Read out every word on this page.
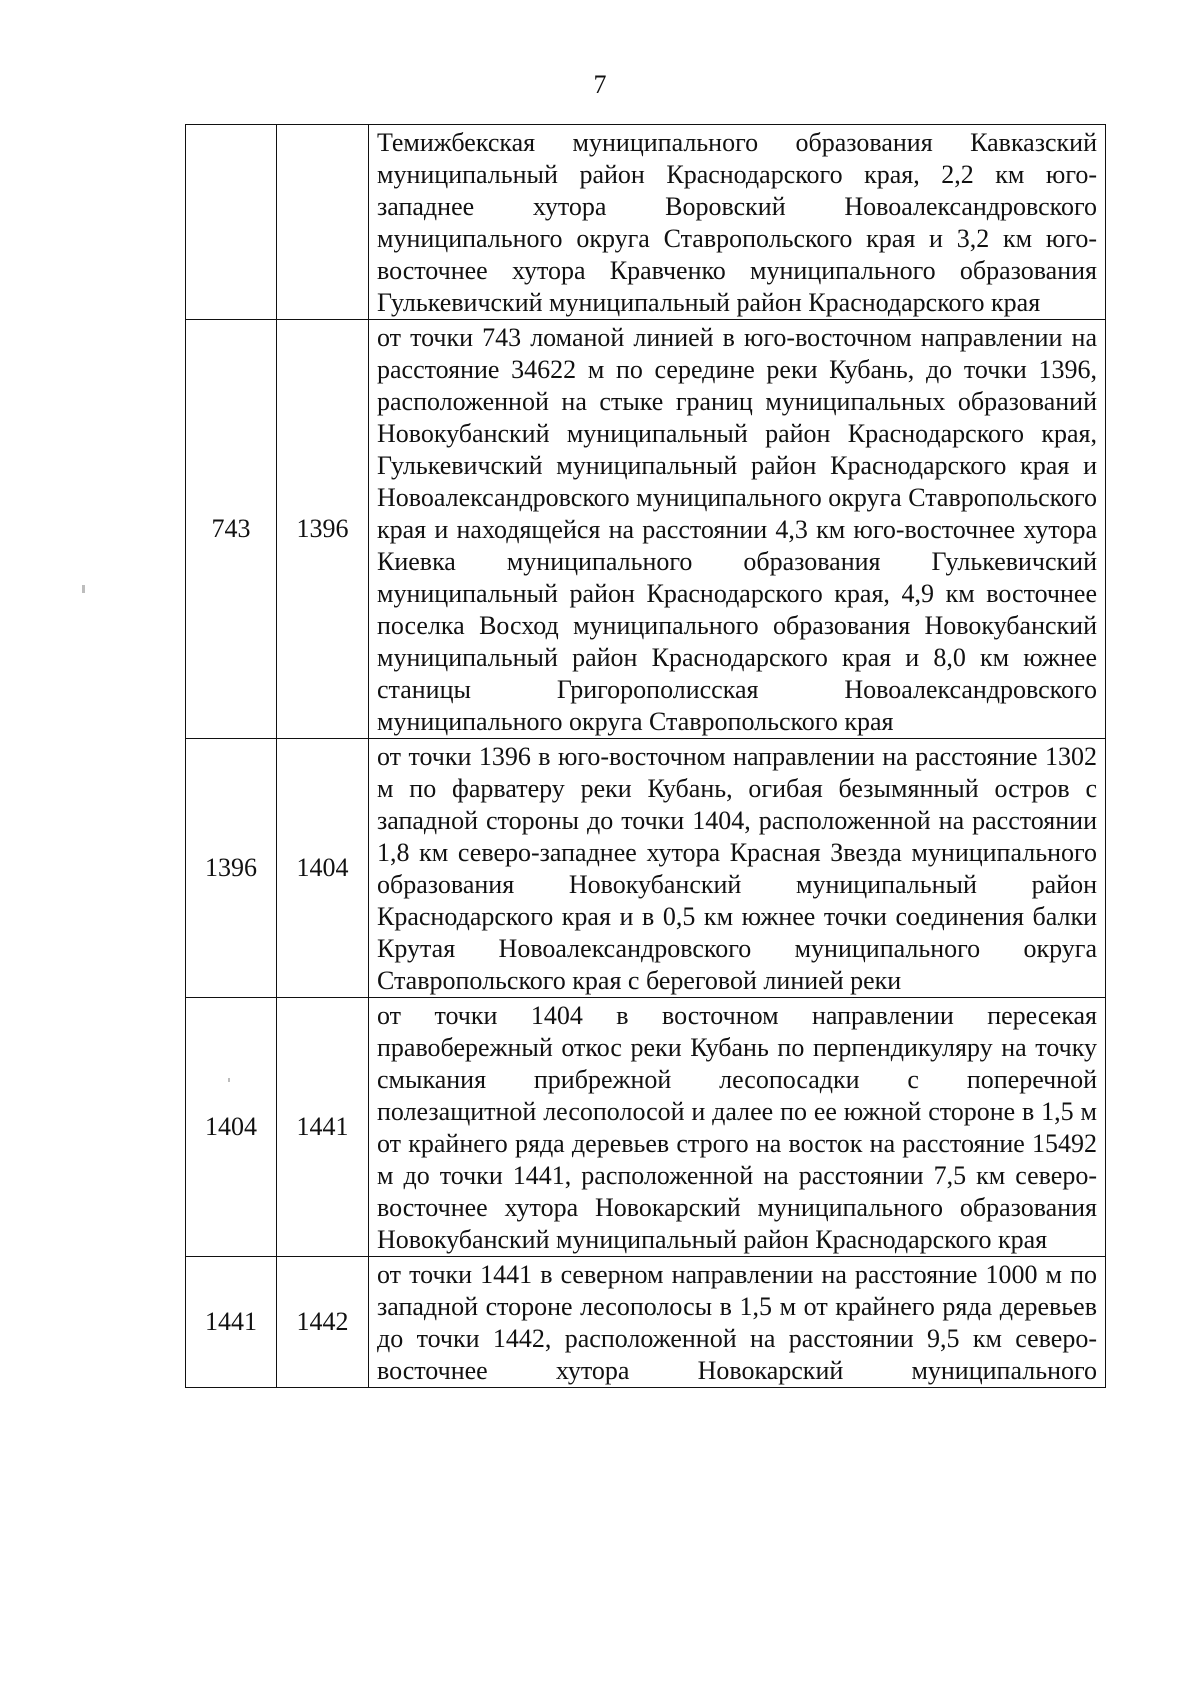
7
		Темижбекская муниципального образования Кавказский муниципальный район Краснодарского края, 2,2 км юго-западнее хутора Воровский Новоалександровского муниципального округа Ставропольского края и 3,2 км юго-восточнее хутора Кравченко муниципального образования Гулькевичский муниципальный район Краснодарского края
743	1396	от точки 743 ломаной линией в юго-восточном направлении на расстояние 34622 м по середине реки Кубань, до точки 1396, расположенной на стыке границ муниципальных образований Новокубанский муниципальный район Краснодарского края, Гулькевичский муниципальный район Краснодарского края и Новоалександровского муниципального округа Ставропольского края и находящейся на расстоянии 4,3 км юго-восточнее хутора Киевка муниципального образования Гулькевичский муниципальный район Краснодарского края, 4,9 км восточнее поселка Восход муниципального образования Новокубанский муниципальный район Краснодарского края и 8,0 км южнее станицы Григорополисская Новоалександровского муниципального округа Ставропольского края
1396	1404	от точки 1396 в юго-восточном направлении на расстояние 1302 м по фарватеру реки Кубань, огибая безымянный остров с западной стороны до точки 1404, расположенной на расстоянии 1,8 км северо-западнее хутора Красная Звезда муниципального образования Новокубанский муниципальный район Краснодарского края и в 0,5 км южнее точки соединения балки Крутая Новоалександровского муниципального округа Ставропольского края с береговой линией реки
1404	1441	от точки 1404 в восточном направлении пересекая правобережный откос реки Кубань по перпендикуляру на точку смыкания прибрежной лесопосадки с поперечной полезащитной лесополосой и далее по ее южной стороне в 1,5 м от крайнего ряда деревьев строго на восток на расстояние 15492 м до точки 1441, расположенной на расстоянии 7,5 км северо-восточнее хутора Новокарский муниципального образования Новокубанский муниципальный район Краснодарского края
1441	1442	от точки 1441 в северном направлении на расстояние 1000 м по западной стороне лесополосы в 1,5 м от крайнего ряда деревьев до точки 1442, расположенной на расстоянии 9,5 км северо-восточнее хутора Новокарский муниципального
